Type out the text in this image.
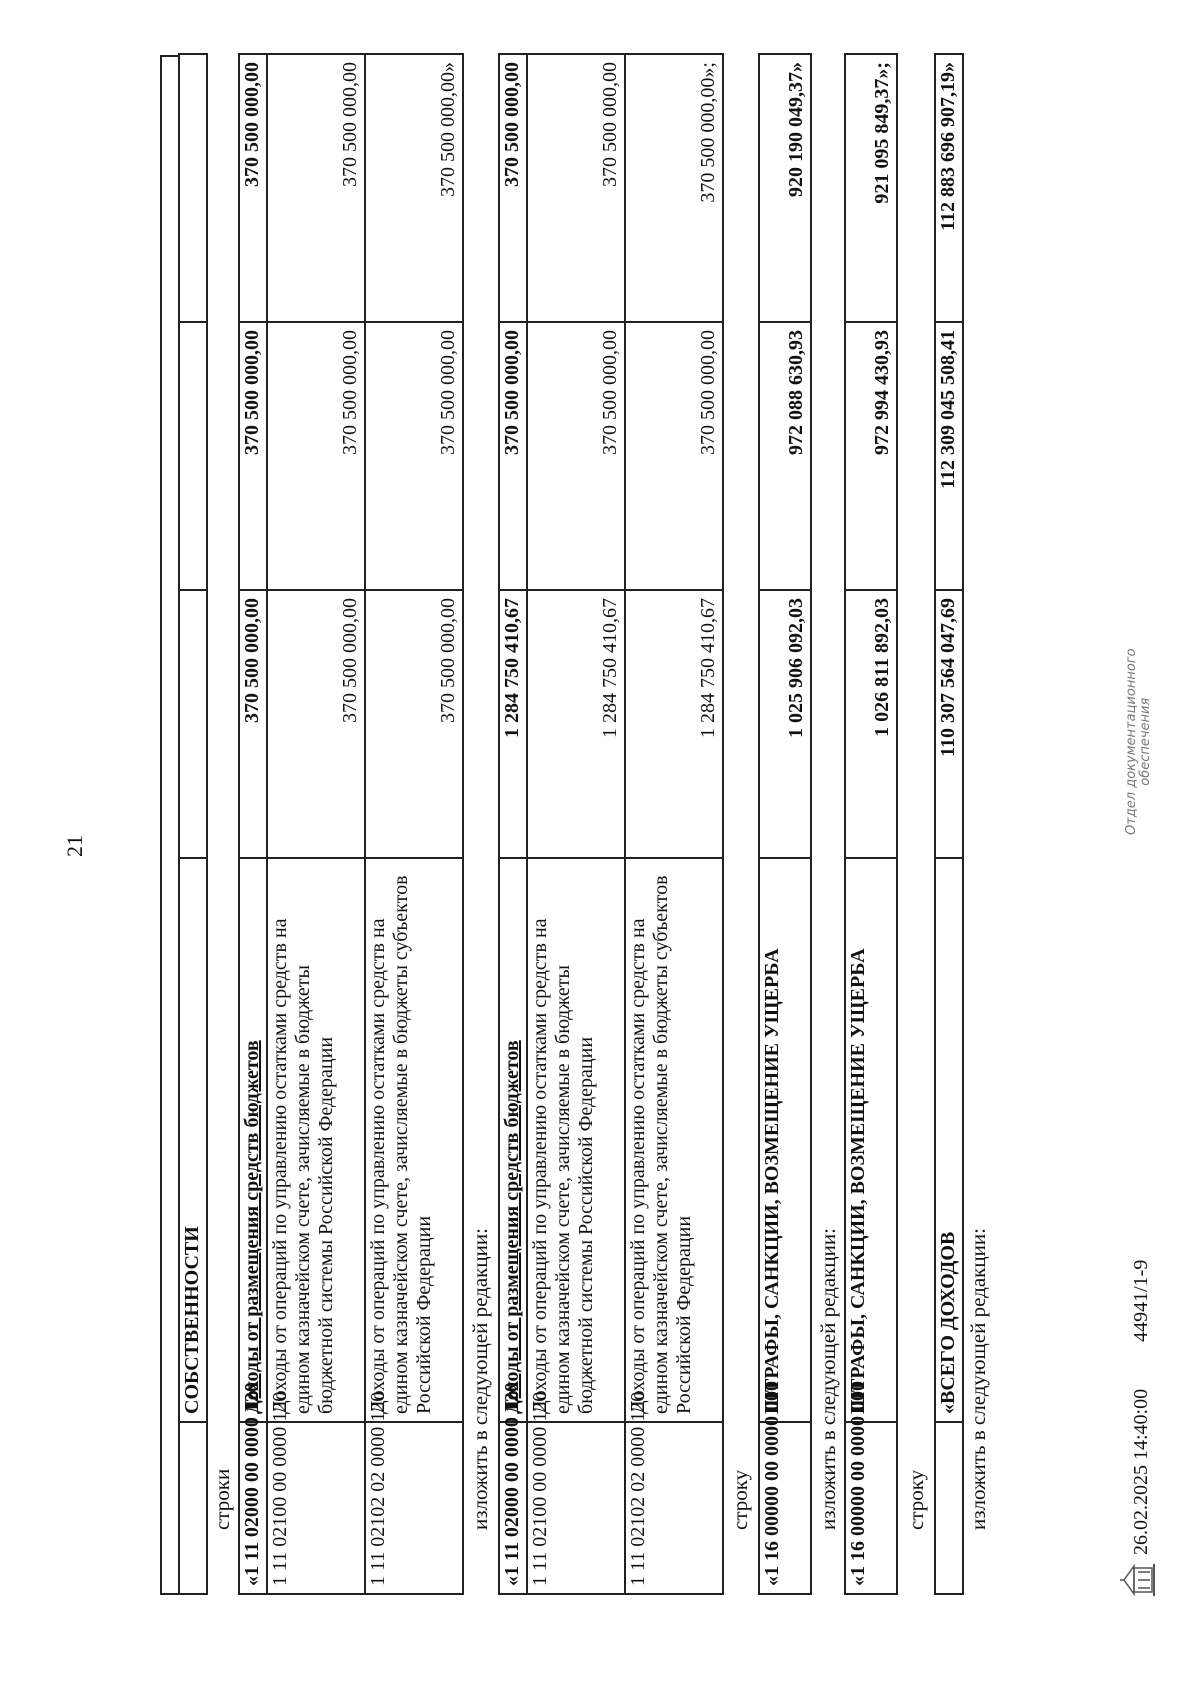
21
	СОБСТВЕННОСТИ			
строки «1 11 02000 00 0000 120	Доходы от размещения средств бюджетов	370 500 000,00	370 500 000,00	370 500 000,00
1 11 02100 00 0000 120	Доходы от операций по управлению остатками средств на едином казначейском счете, зачисляемые в бюджеты бюджетной системы Российской Федерации	370 500 000,00	370 500 000,00	370 500 000,00
1 11 02102 02 0000 120	Доходы от операций по управлению остатками средств на едином казначейском счете, зачисляемые в бюджеты субъектов Российской Федерации	370 500 000,00	370 500 000,00	370 500 000,00»
изложить в следующей редакции: «1 11 02000 00 0000 120	Доходы от размещения средств бюджетов	1 284 750 410,67	370 500 000,00	370 500 000,00
1 11 02100 00 0000 120	Доходы от операций по управлению остатками средств на едином казначейском счете, зачисляемые в бюджеты бюджетной системы Российской Федерации	1 284 750 410,67	370 500 000,00	370 500 000,00
1 11 02102 02 0000 120	Доходы от операций по управлению остатками средств на едином казначейском счете, зачисляемые в бюджеты субъектов Российской Федерации	1 284 750 410,67	370 500 000,00	370 500 000,00»;
строку «1 16 00000 00 0000 000	ШТРАФЫ, САНКЦИИ, ВОЗМЕЩЕНИЕ УЩЕРБА	1 025 906 092,03	972 088 630,93	920 190 049,37»
изложить в следующей редакции: «1 16 00000 00 0000 000	ШТРАФЫ, САНКЦИИ, ВОЗМЕЩЕНИЕ УЩЕРБА	1 026 811 892,03	972 994 430,93	921 095 849,37»;
строку
	«ВСЕГО ДОХОДОВ	110 307 564 047,69	112 309 045 508,41	112 883 696 907,19»
изложить в следующей редакции:	26.02.2025 14:40:00 44941/1-9
Отдел документационного обеспечения
